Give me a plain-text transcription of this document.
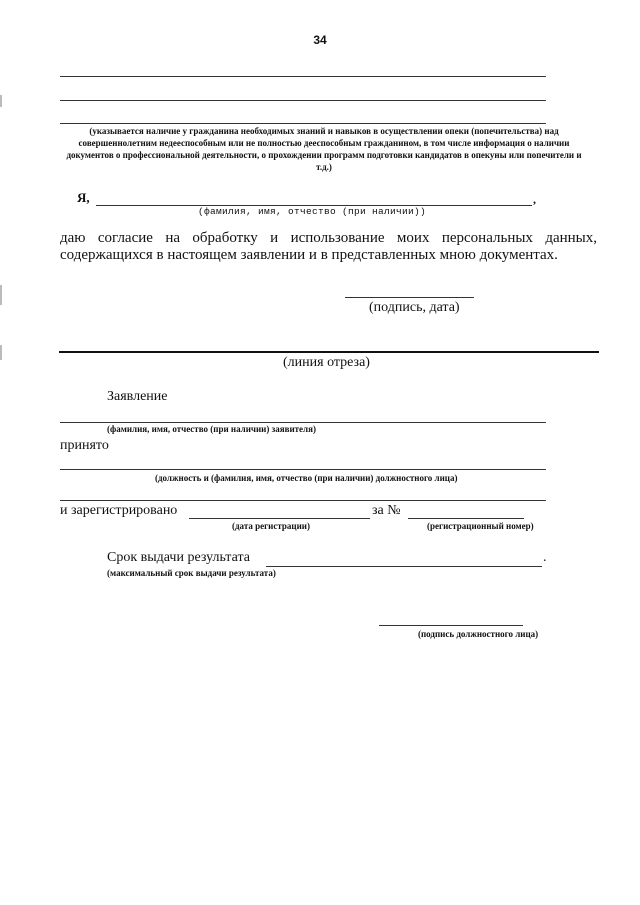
34
(указывается наличие у гражданина необходимых знаний и навыков в осуществлении опеки (попечительства) над совершеннолетним недееспособным или не полностью дееспособным гражданином, в том числе информация о наличии документов о профессиональной деятельности, о прохождении программ подготовки кандидатов в опекуны или попечители и т.д.)
Я,	,
(фамилия, имя, отчество (при наличии))
даю согласие на обработку и использование моих персональных данных,
содержащихся в настоящем заявлении и в представленных мною документах.
(подпись, дата)
(линия отреза)
Заявление
(фамилия, имя, отчество (при наличии) заявителя)
принято
(должность и (фамилия, имя, отчество (при наличии) должностного лица)
и зарегистрировано	за №
(дата регистрации)	(регистрационный номер)
Срок выдачи результата	.
(максимальный срок выдачи результата)
(подпись должностного лица)
